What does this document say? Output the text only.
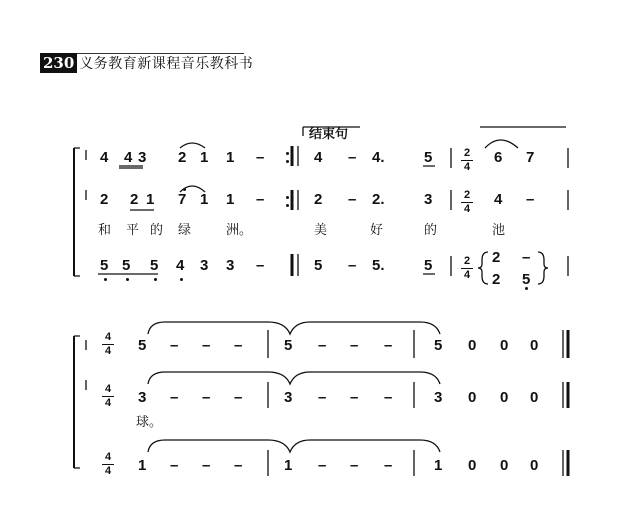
230 义务教育新课程音乐教科书
结束句
4 4 3 2 1 1 –	4 – 4.	5	2
4
6 7
2 2 1 7 1 1 –	2 – 2.	3	2
4
4 –
和 平 的 绿	洲。	美	好	的	池
5 5 5 4 3 3 –	5 – 5.	5	2
4
2 –
2 5
4
4
4
4
4
4
5 – – –	5 – – –	5 0 0 0
3 – – –	3 – – –	3 0 0 0
球。
1 – – –	1 – – –	1 0 0 0
